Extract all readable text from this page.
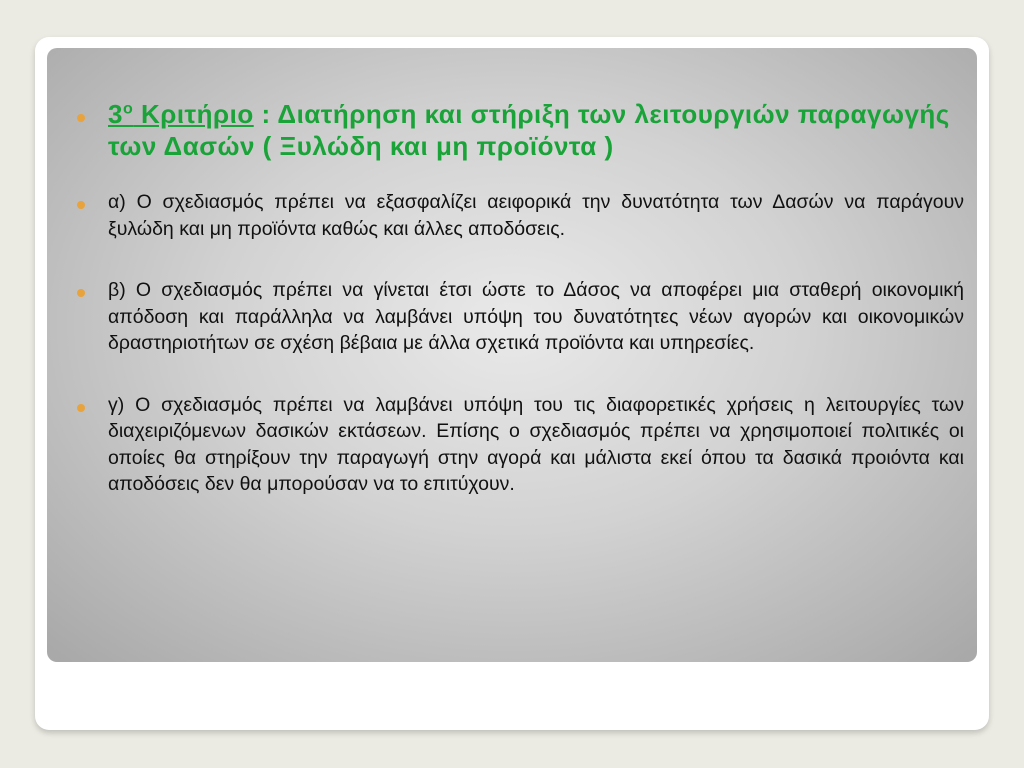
$3^o$ Κριτήριο : Διατήρηση και στήριξη των λειτουργιών παραγωγής των Δασών ( Ξυλώδη και μη προϊόντα )

α) Ο σχεδιασμός πρέπει να εξασφαλίζει αειφορικά την δυνατότητα των Δασών να παράγουν ξυλώδη και μη προϊόντα καθώς και άλλες αποδόσεις.

β) Ο σχεδιασμός πρέπει να γίνεται έτσι ώστε το Δάσος να αποφέρει μια σταθερή οικονομική απόδοση και παράλληλα να λαμβάνει υπόψη του δυνατότητες νέων αγορών και οικονομικών δραστηριοτήτων σε σχέση βέβαια με άλλα σχετικά προϊόντα και υπηρεσίες.

γ) Ο σχεδιασμός πρέπει να λαμβάνει υπόψη του τις διαφορετικές χρήσεις η λειτουργίες των διαχειριζόμενων δασικών εκτάσεων. Επίσης ο σχεδιασμός πρέπει να χρησιμοποιεί πολιτικές οι οποίες θα στηρίξουν την παραγωγή στην αγορά και μάλιστα εκεί όπου τα δασικά προιόντα και αποδόσεις δεν θα μπορούσαν να το επιτύχουν.
